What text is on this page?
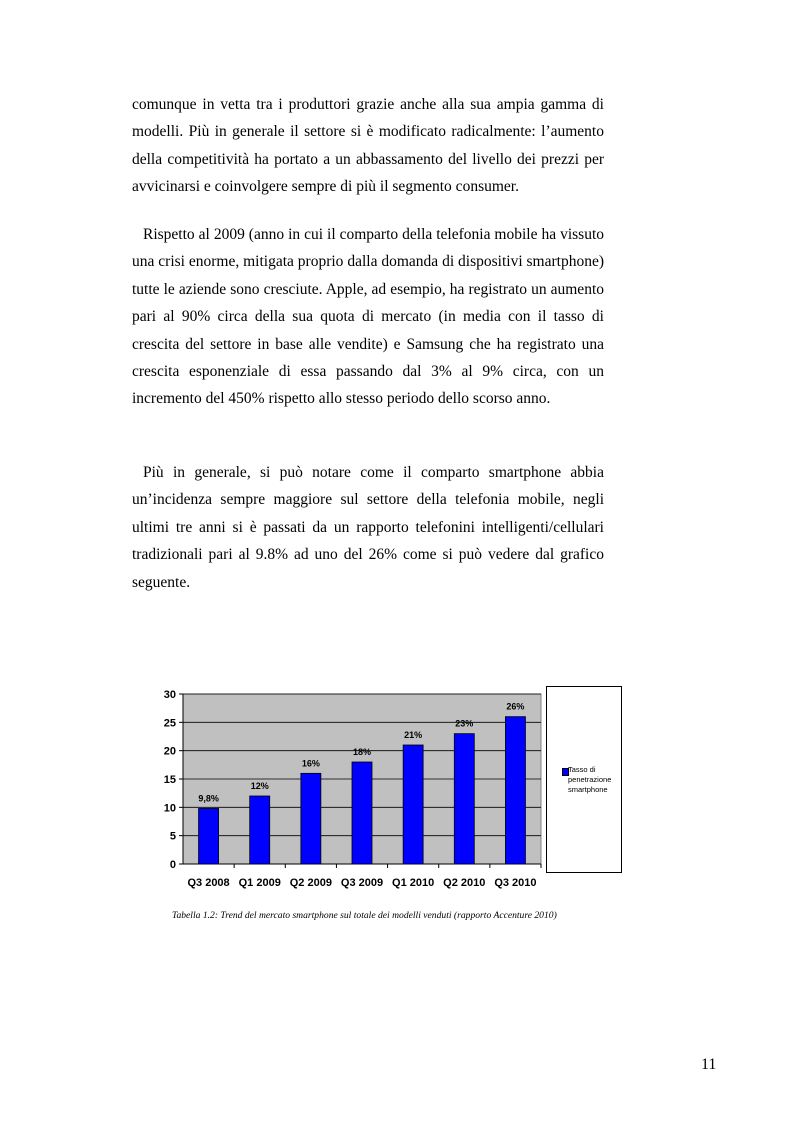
comunque in vetta tra i produttori grazie anche alla sua ampia gamma di modelli. Più in generale il settore si è modificato radicalmente: l’aumento della competitività ha portato a un abbassamento del livello dei prezzi per avvicinarsi e coinvolgere sempre di più il segmento consumer.

Rispetto al 2009 (anno in cui il comparto della telefonia mobile ha vissuto una crisi enorme, mitigata proprio dalla domanda di dispositivi smartphone) tutte le aziende sono cresciute. Apple, ad esempio, ha registrato un aumento pari al 90% circa della sua quota di mercato (in media con il tasso di crescita del settore in base alle vendite) e Samsung che ha registrato una crescita esponenziale di essa passando dal 3% al 9% circa, con un incremento del 450% rispetto allo stesso periodo dello scorso anno.

Più in generale, si può notare come il comparto smartphone abbia un’incidenza sempre maggiore sul settore della telefonia mobile, negli ultimi tre anni si è passati da un rapporto telefonini intelligenti/cellulari tradizionali pari al 9.8% ad uno del 26% come si può vedere dal grafico seguente.

0
5
10
15
20
25
30
9,8%
Q3 2008
12%
Q1 2009
16%
Q2 2009
18%
Q3 2009
21%
Q1 2010
23%
Q2 2010
26%
Q3 2010
Tasso di penetrazione smartphone

Tabella 1.2: Trend del mercato smartphone sul totale dei modelli venduti (rapporto Accenture 2010)

11
